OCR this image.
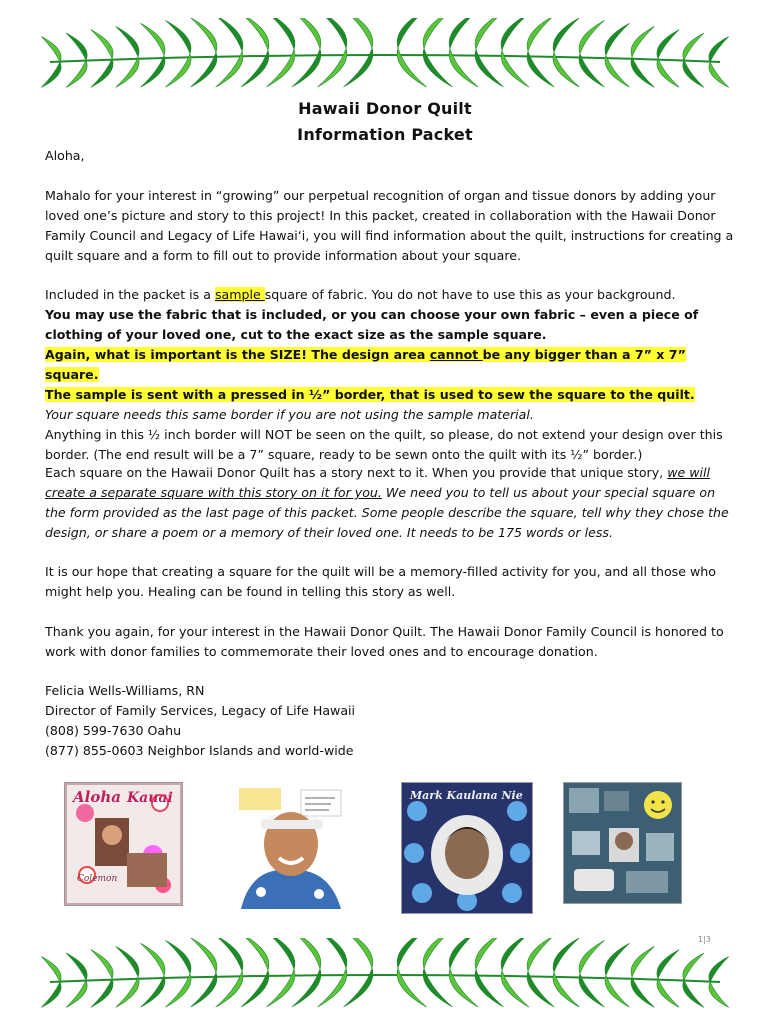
Hawaii Donor Quilt
Information Packet

Aloha,

Mahalo for your interest in “growing” our perpetual recognition of organ and tissue donors by adding your loved one’s picture and story to this project! In this packet, created in collaboration with the Hawaii Donor Family Council and Legacy of Life Hawai‘i, you will find information about the quilt, instructions for creating a quilt square and a form to fill out to provide information about your square.

Included in the packet is a sample square of fabric. You do not have to use this as your background.

You may use the fabric that is included, or you can choose your own fabric – even a piece of clothing of your loved one, cut to the exact size as the sample square.

Again, what is important is the SIZE! The design area cannot be any bigger than a 7” x 7” square.
The sample is sent with a pressed in ½” border, that is used to sew the square to the quilt.

Your square needs this same border if you are not using the sample material.

Anything in this ½ inch border will NOT be seen on the quilt, so please, do not extend your design over this border. (The end result will be a 7” square, ready to be sewn onto the quilt with its ½” border.)

Each square on the Hawaii Donor Quilt has a story next to it. When you provide that unique story, we will create a separate square with this story on it for you. We need you to tell us about your special square on the form provided as the last page of this packet. Some people describe the square, tell why they chose the design, or share a poem or a memory of their loved one. It needs to be 175 words or less.

It is our hope that creating a square for the quilt will be a memory-filled activity for you, and all those who might help you. Healing can be found in telling this story as well.

Thank you again, for your interest in the Hawaii Donor Quilt. The Hawaii Donor Family Council is honored to work with donor families to commemorate their loved ones and to encourage donation.

Felicia Wells-Williams, RN

Director of Family Services, Legacy of Life Hawaii

(808) 599-7630 Oahu

(877) 855-0603 Neighbor Islands and world-wide

Aloha Kauai
Colemon
Mark Kaulana Nie
1|3
